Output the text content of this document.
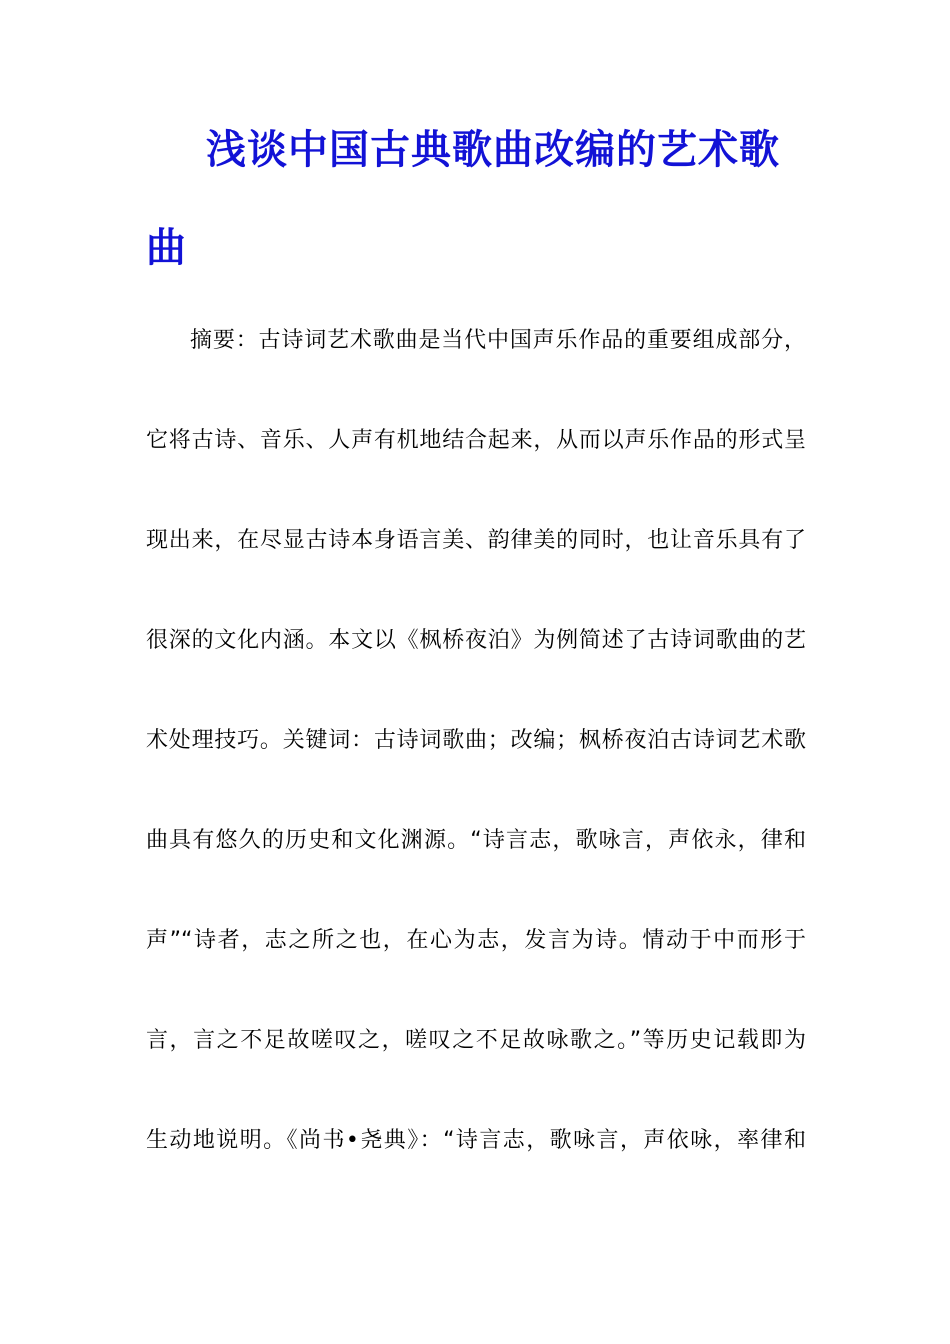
浅谈中国古典歌曲改编的艺术歌
曲
摘要：古诗词艺术歌曲是当代中国声乐作品的重要组成部分，
它将古诗、音乐、人声有机地结合起来，从而以声乐作品的形式呈
现出来，在尽显古诗本身语言美、韵律美的同时，也让音乐具有了
很深的文化内涵。本文以《枫桥夜泊》为例简述了古诗词歌曲的艺
术处理技巧。关键词：古诗词歌曲；改编；枫桥夜泊古诗词艺术歌
曲具有悠久的历史和文化渊源。“诗言志，歌咏言，声依永，律和
声”“诗者，志之所之也，在心为志，发言为诗。情动于中而形于
言，言之不足故嗟叹之，嗟叹之不足故咏歌之。”等历史记载即为
生动地说明。《尚书•尧典》：“诗言志，歌咏言，声依咏，率律和
